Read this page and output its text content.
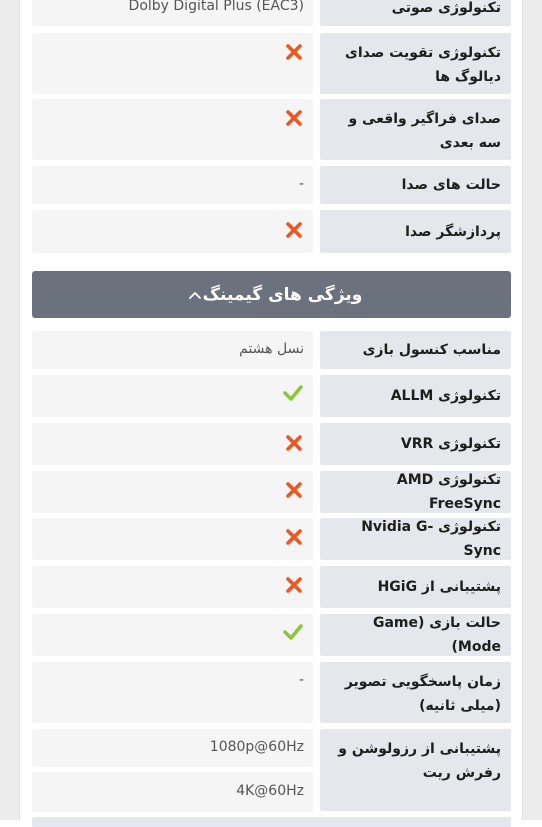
تکنولوژی صوتی
Dolby Digital Plus (EAC3)
تکنولوژی تقویت صدای دیالوگ ها
صدای فراگیر واقعی و سه بعدی
حالت های صدا
-
پردازشگر صدا
ویژگی های گیمینگ
مناسب کنسول بازی
نسل هشتم
تکنولوژی ALLM
تکنولوژی VRR
تکنولوژی AMD FreeSync
تکنولوژی Nvidia G-Sync
پشتیبانی از HGiG
حالت بازی (Game Mode)
زمان پاسخگویی تصویر (میلی ثانیه)
-
پشتیبانی از رزولوشن و رفرش ریت
1080p@60Hz
4K@60Hz
